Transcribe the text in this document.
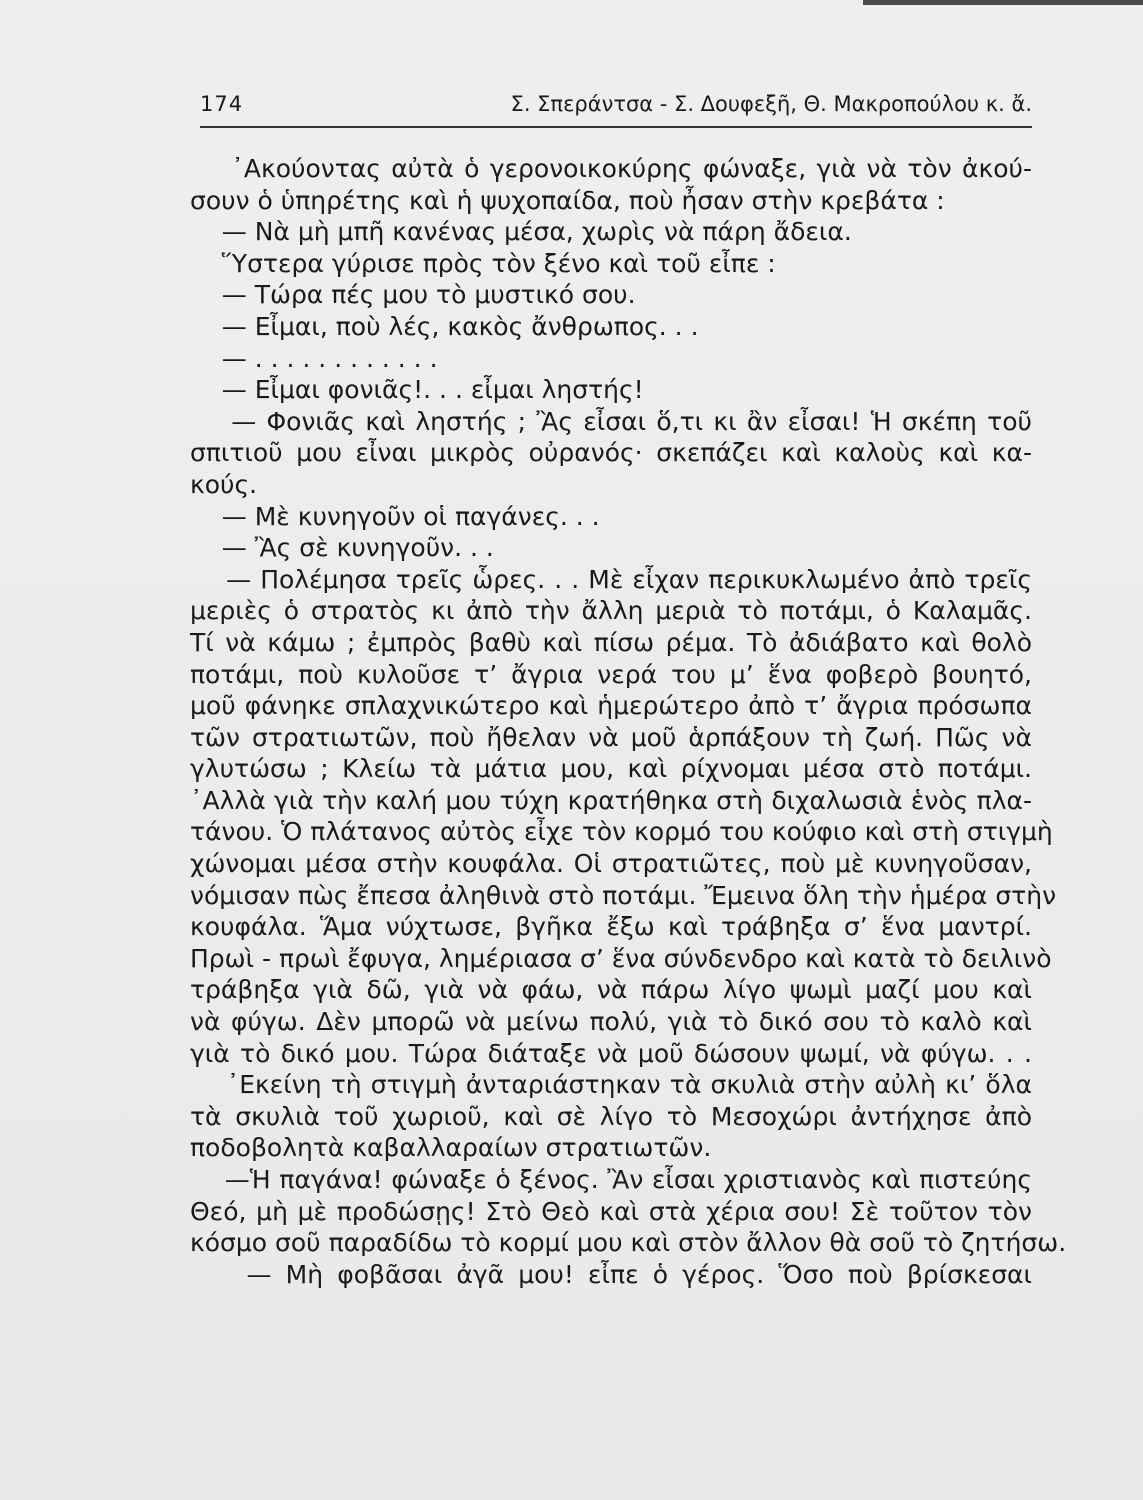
174	Σ. Σπεράντσα - Σ. Δουφεξῆ, Θ. Μακροπούλου κ. ἄ.
᾿Ακούοντας αὐτὰ ὁ γερονοικοκύρης φώναξε, γιὰ νὰ τὸν ἀκού-
σουν ὁ ὑπηρέτης καὶ ἡ ψυχοπαίδα, ποὺ ἦσαν στὴν κρεβάτα :
— Νὰ μὴ μπῆ κανένας μέσα, χωρὶς νὰ πάρη ἄδεια.
Ὕστερα γύρισε πρὸς τὸν ξένο καὶ τοῦ εἶπε :
— Τώρα πές μου τὸ μυστικό σου.
— Εἶμαι, ποὺ λές, κακὸς ἄνθρωπος. . .
— . . . . . . . . . . . .
— Εἶμαι φονιᾶς!. . . εἶμαι ληστής!
— Φονιᾶς καὶ ληστής ; Ἂς εἶσαι ὅ,τι κι ἂν εἶσαι! Ἡ σκέπη τοῦ
σπιτιοῦ μου εἶναι μικρὸς οὐρανός· σκεπάζει καὶ καλοὺς καὶ κα-
κούς.
— Μὲ κυνηγοῦν οἱ παγάνες. . .
— Ἂς σὲ κυνηγοῦν. . .
— Πολέμησα τρεῖς ὧρες. . . Μὲ εἶχαν περικυκλωμένο ἀπὸ τρεῖς
μεριὲς ὁ στρατὸς κι ἀπὸ τὴν ἄλλη μεριὰ τὸ ποτάμι, ὁ Καλαμᾶς.
Τί νὰ κάμω ; ἐμπρὸς βαθὺ καὶ πίσω ρέμα. Τὸ ἀδιάβατο καὶ θολὸ
ποτάμι, ποὺ κυλοῦσε τ’ ἄγρια νερά του μ’ ἕνα φοβερὸ βουητό,
μοῦ φάνηκε σπλαχνικώτερο καὶ ἡμερώτερο ἀπὸ τ’ ἄγρια πρόσωπα
τῶν στρατιωτῶν, ποὺ ἤθελαν νὰ μοῦ ἁρπάξουν τὴ ζωή. Πῶς νὰ
γλυτώσω ; Κλείω τὰ μάτια μου, καὶ ρίχνομαι μέσα στὸ ποτάμι.
᾿Αλλὰ γιὰ τὴν καλή μου τύχη κρατήθηκα στὴ διχαλωσιὰ ἑνὸς πλα-
τάνου. Ὁ πλάτανος αὐτὸς εἶχε τὸν κορμό του κούφιο καὶ στὴ στιγμὴ
χώνομαι μέσα στὴν κουφάλα. Οἱ στρατιῶτες, ποὺ μὲ κυνηγοῦσαν,
νόμισαν πὼς ἔπεσα ἀληθινὰ στὸ ποτάμι. Ἔμεινα ὅλη τὴν ἡμέρα στὴν
κουφάλα. Ἅμα νύχτωσε, βγῆκα ἔξω καὶ τράβηξα σ’ ἕνα μαντρί.
Πρωὶ - πρωὶ ἔφυγα, λημέριασα σ’ ἕνα σύνδενδρο καὶ κατὰ τὸ δειλινὸ
τράβηξα γιὰ δῶ, γιὰ νὰ φάω, νὰ πάρω λίγο ψωμὶ μαζί μου καὶ
νὰ φύγω. Δὲν μπορῶ νὰ μείνω πολύ, γιὰ τὸ δικό σου τὸ καλὸ καὶ
γιὰ τὸ δικό μου. Τώρα διάταξε νὰ μοῦ δώσουν ψωμί, νὰ φύγω. . .
᾿Εκείνη τὴ στιγμὴ ἀνταριάστηκαν τὰ σκυλιὰ στὴν αὐλὴ κι’ ὅλα
τὰ σκυλιὰ τοῦ χωριοῦ, καὶ σὲ λίγο τὸ Μεσοχώρι ἀντήχησε ἀπὸ
ποδοβολητὰ καβαλλαραίων στρατιωτῶν.
—Ἡ παγάνα! φώναξε ὁ ξένος. Ἂν εἶσαι χριστιανὸς καὶ πιστεύης
Θεό, μὴ μὲ προδώσῃς! Στὸ Θεὸ καὶ στὰ χέρια σου! Σὲ τοῦτον τὸν
κόσμο σοῦ παραδίδω τὸ κορμί μου καὶ στὸν ἄλλον θὰ σοῦ τὸ ζητήσω.
— Μὴ φοβᾶσαι ἀγᾶ μου! εἶπε ὁ γέρος. Ὅσο ποὺ βρίσκεσαι
